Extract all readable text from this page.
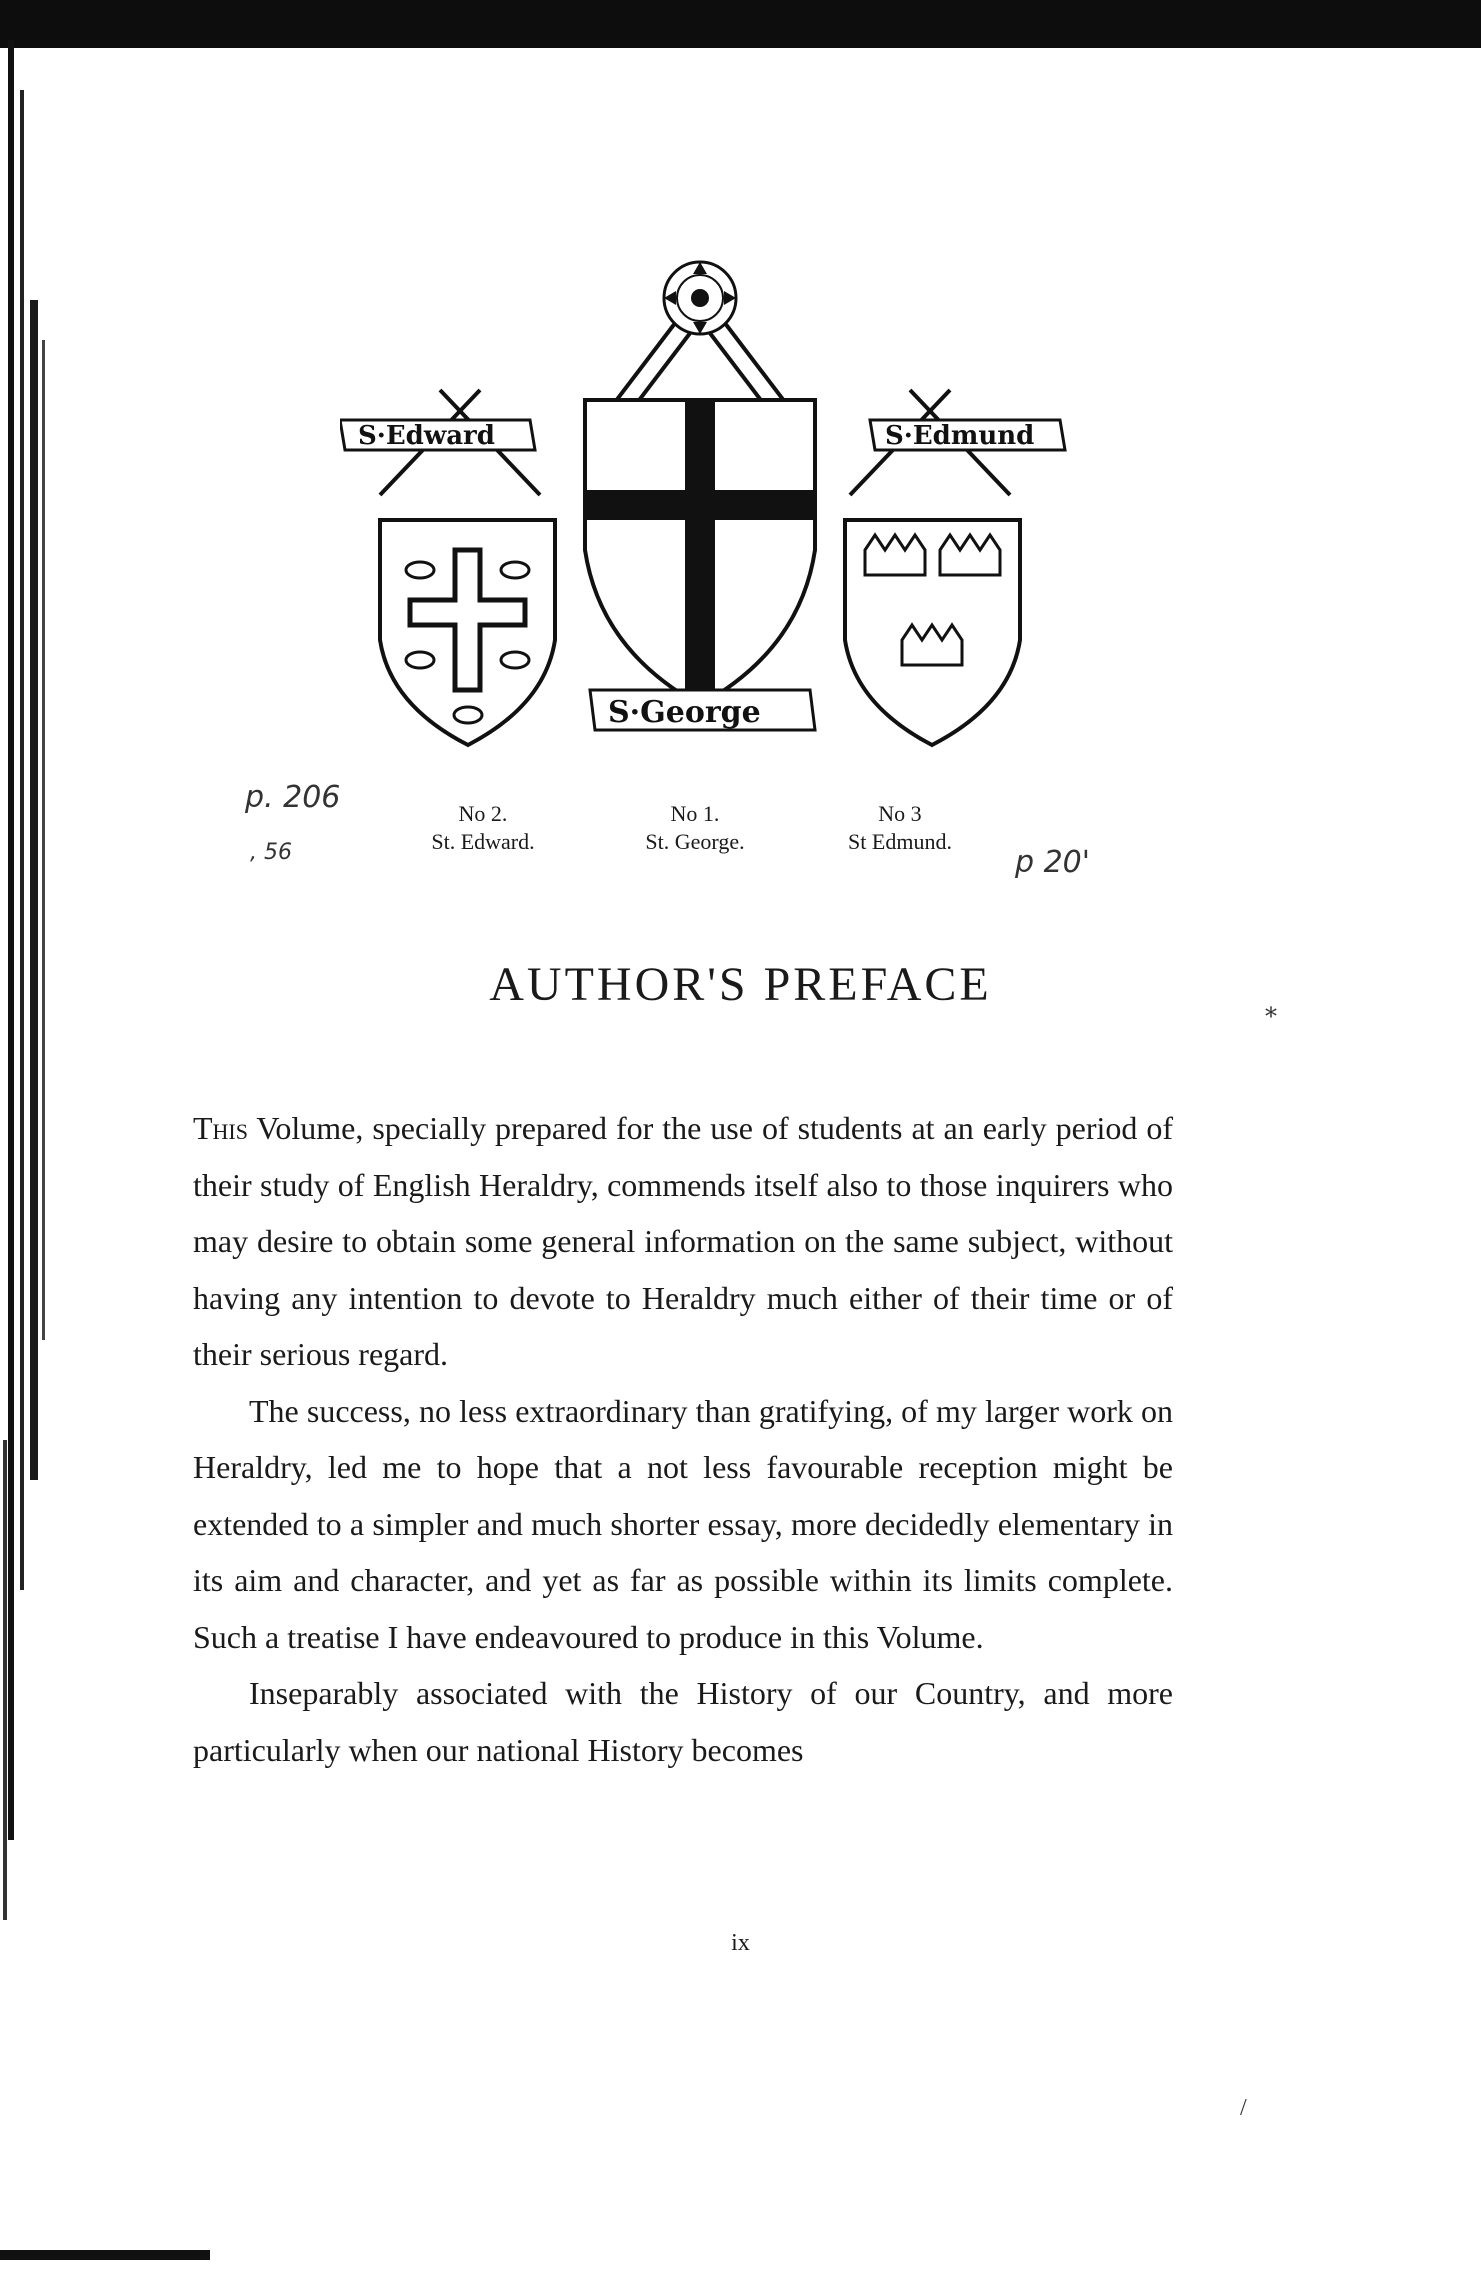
S·Edward	S·Edmund
S·George
No 2.
St. Edward.
No 1.
St. George.
No 3
St Edmund.
p. 206
, 56	p 20'
AUTHOR'S PREFACE

This Volume, specially prepared for the use of students at an early period of their study of English Heraldry, commends itself also to those inquirers who may desire to obtain some general information on the same subject, without having any intention to devote to Heraldry much either of their time or of their serious regard.

The success, no less extraordinary than gratifying, of my larger work on Heraldry, led me to hope that a not less favourable reception might be extended to a simpler and much shorter essay, more decidedly elementary in its aim and character, and yet as far as possible within its limits complete. Such a treatise I have endeavoured to produce in this Volume.

Inseparably associated with the History of our Country, and more particularly when our national History becomes

ix
⁎
/
